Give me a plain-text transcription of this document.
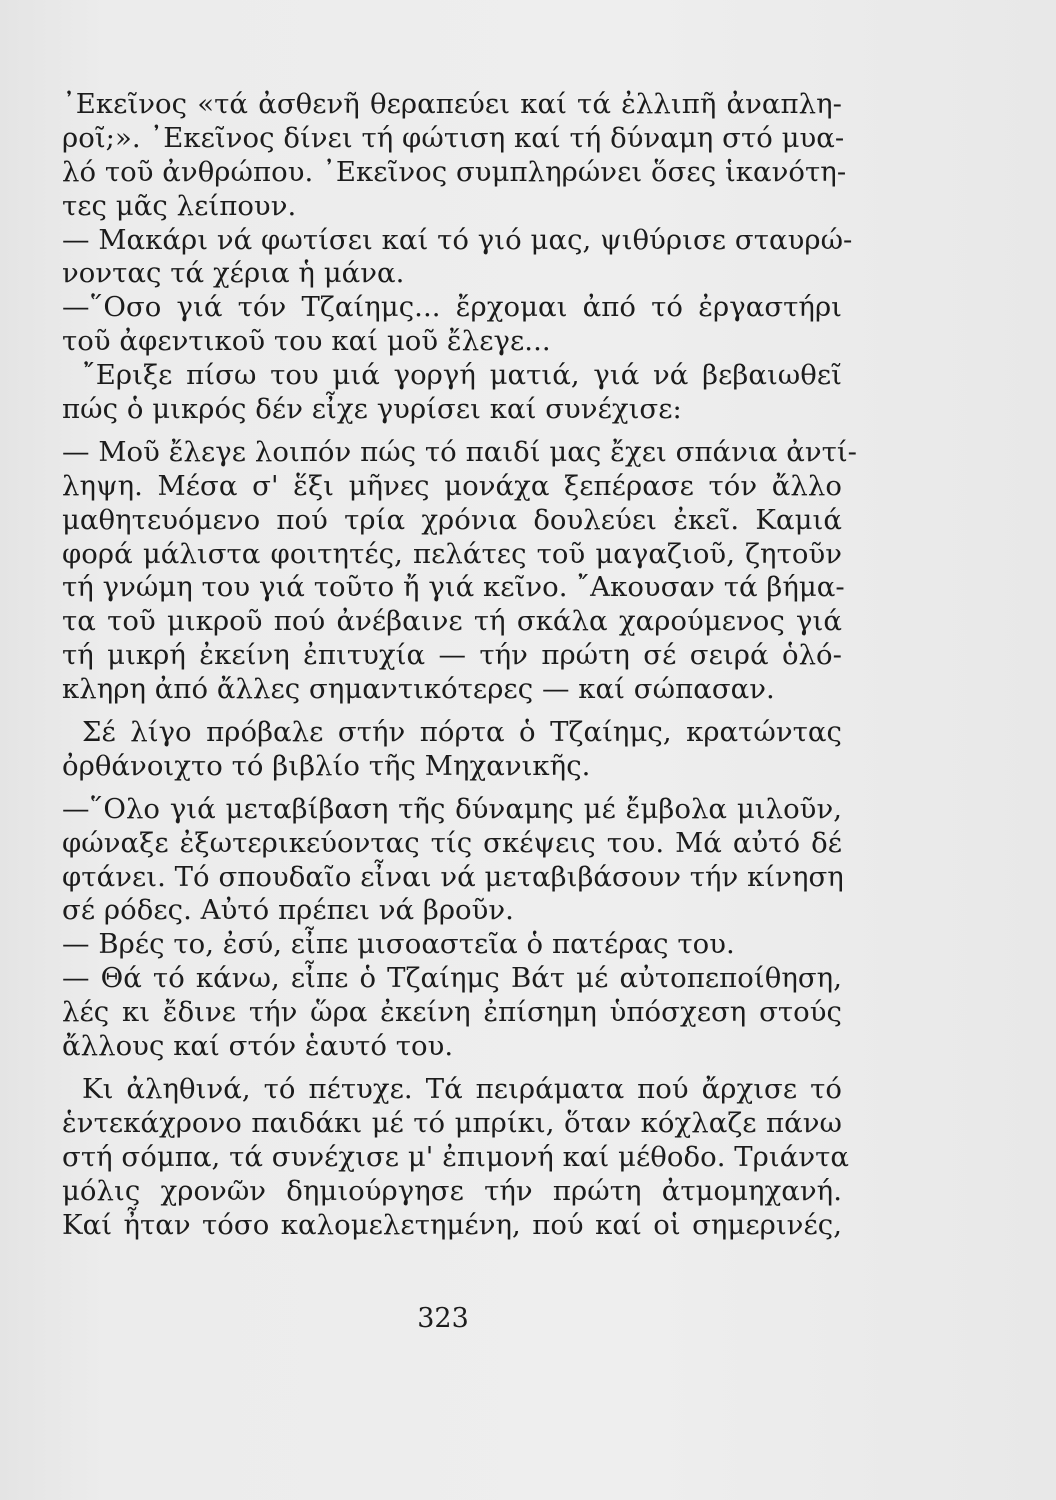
᾿Εκεῖνος «τά ἀσθενῆ θεραπεύει καί τά ἐλλιπῆ ἀναπλη-
ροῖ;». ᾿Εκεῖνος δίνει τή φώτιση καί τή δύναμη στό μυα-
λό τοῦ ἀνθρώπου. ᾿Εκεῖνος συμπληρώνει ὅσες ἱκανότη-
τες μᾶς λείπουν.
— Μακάρι νά φωτίσει καί τό γιό μας, ψιθύρισε σταυρώ-
νοντας τά χέρια ἡ μάνα.
—῞Οσο γιά τόν Τζαίημς... ἔρχομαι ἀπό τό ἐργαστήρι
τοῦ ἀφεντικοῦ του καί μοῦ ἔλεγε...
῎Εριξε πίσω του μιά γοργή ματιά, γιά νά βεβαιωθεῖ
πώς ὁ μικρός δέν εἶχε γυρίσει καί συνέχισε:
— Μοῦ ἔλεγε λοιπόν πώς τό παιδί μας ἔχει σπάνια ἀντί-
ληψη. Μέσα σ' ἕξι μῆνες μονάχα ξεπέρασε τόν ἄλλο
μαθητευόμενο πού τρία χρόνια δουλεύει ἐκεῖ. Καμιά
φορά μάλιστα φοιτητές, πελάτες τοῦ μαγαζιοῦ, ζητοῦν
τή γνώμη του γιά τοῦτο ἤ γιά κεῖνο. ῎Ακουσαν τά βήμα-
τα τοῦ μικροῦ πού ἀνέβαινε τή σκάλα χαρούμενος γιά
τή μικρή ἐκείνη ἐπιτυχία — τήν πρώτη σέ σειρά ὁλό-
κληρη ἀπό ἄλλες σημαντικότερες — καί σώπασαν.
Σέ λίγο πρόβαλε στήν πόρτα ὁ Τζαίημς, κρατώντας
ὀρθάνοιχτο τό βιβλίο τῆς Μηχανικῆς.
—῞Ολο γιά μεταβίβαση τῆς δύναμης μέ ἔμβολα μιλοῦν,
φώναξε ἐξωτερικεύοντας τίς σκέψεις του. Μά αὐτό δέ
φτάνει. Τό σπουδαῖο εἶναι νά μεταβιβάσουν τήν κίνηση
σέ ρόδες. Αὐτό πρέπει νά βροῦν.
— Βρές το, ἐσύ, εἶπε μισοαστεῖα ὁ πατέρας του.
— Θά τό κάνω, εἶπε ὁ Τζαίημς Βάτ μέ αὐτοπεποίθηση,
λές κι ἔδινε τήν ὥρα ἐκείνη ἐπίσημη ὑπόσχεση στούς
ἄλλους καί στόν ἑαυτό του.
Κι ἀληθινά, τό πέτυχε. Τά πειράματα πού ἄρχισε τό
ἑντεκάχρονο παιδάκι μέ τό μπρίκι, ὅταν κόχλαζε πάνω
στή σόμπα, τά συνέχισε μ' ἐπιμονή καί μέθοδο. Τριάντα
μόλις χρονῶν δημιούργησε τήν πρώτη ἀτμομηχανή.
Καί ἦταν τόσο καλομελετημένη, πού καί οἱ σημερινές,
323
